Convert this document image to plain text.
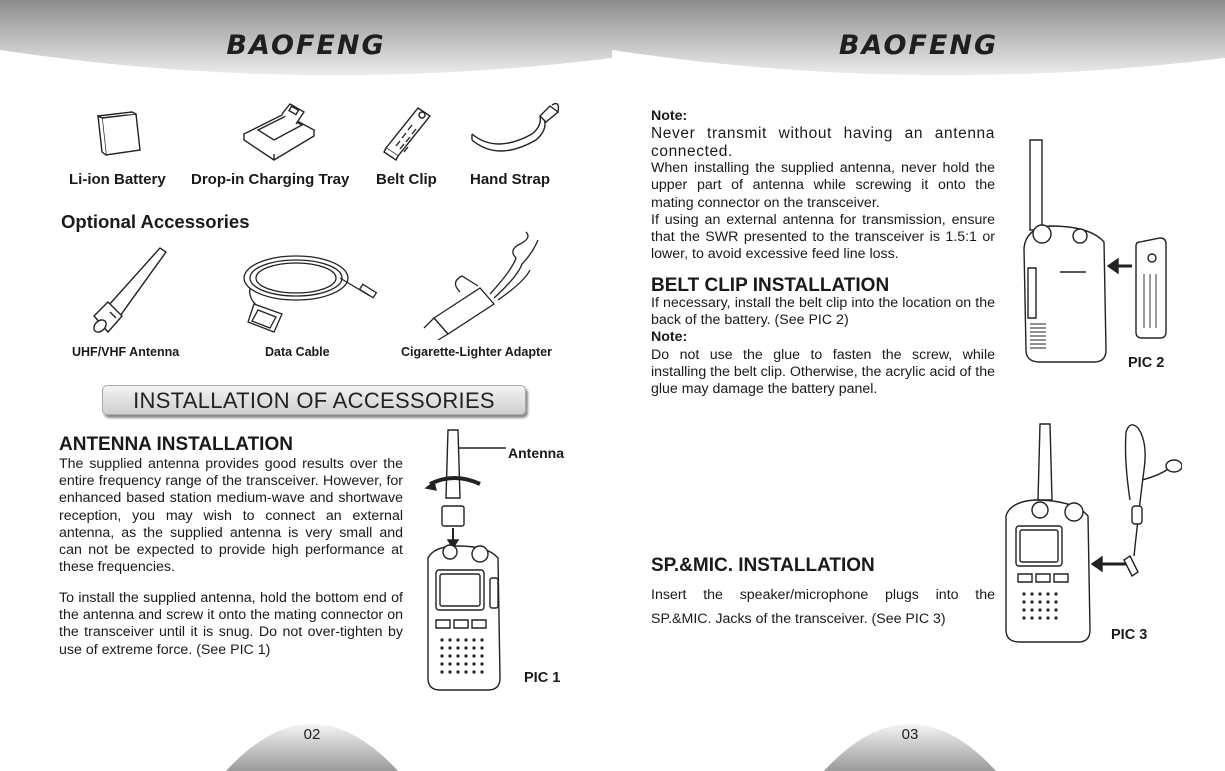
BAOFENG
Li-ion Battery Drop-in Charging Tray Belt Clip Hand Strap
Optional Accessories
UHF/VHF Antenna	Data Cable	Cigarette-Lighter Adapter
INSTALLATION OF ACCESSORIES
ANTENNA INSTALLATION
The supplied antenna provides good results over the entire frequency range of the transceiver. However, for enhanced based station medium-wave and shortwave reception, you may wish to connect an external antenna, as the supplied antenna is very small and can not be expected to provide high performance at these frequencies.
To install the supplied antenna, hold the bottom end of the antenna and screw it onto the mating connector on the transceiver until it is snug. Do not over-tighten by use of extreme force. (See PIC 1)
Antenna
PIC 1
02
BAOFENG
Note:
Never transmit without having an antenna connected.
When installing the supplied antenna, never hold the upper part of antenna while screwing it onto the mating connector on the transceiver.
If using an external antenna for transmission, ensure that the SWR presented to the transceiver is 1.5:1 or lower, to avoid excessive feed line loss.
BELT CLIP INSTALLATION
If necessary, install the belt clip into the location on the back of the battery. (See PIC 2)
Note:
Do not use the glue to fasten the screw, while installing the belt clip. Otherwise, the acrylic acid of the glue may damage the battery panel.
PIC 2
SP.&MIC. INSTALLATION
Insert the speaker/microphone plugs into the SP.&MIC. Jacks of the transceiver. (See PIC 3)
PIC 3
03
